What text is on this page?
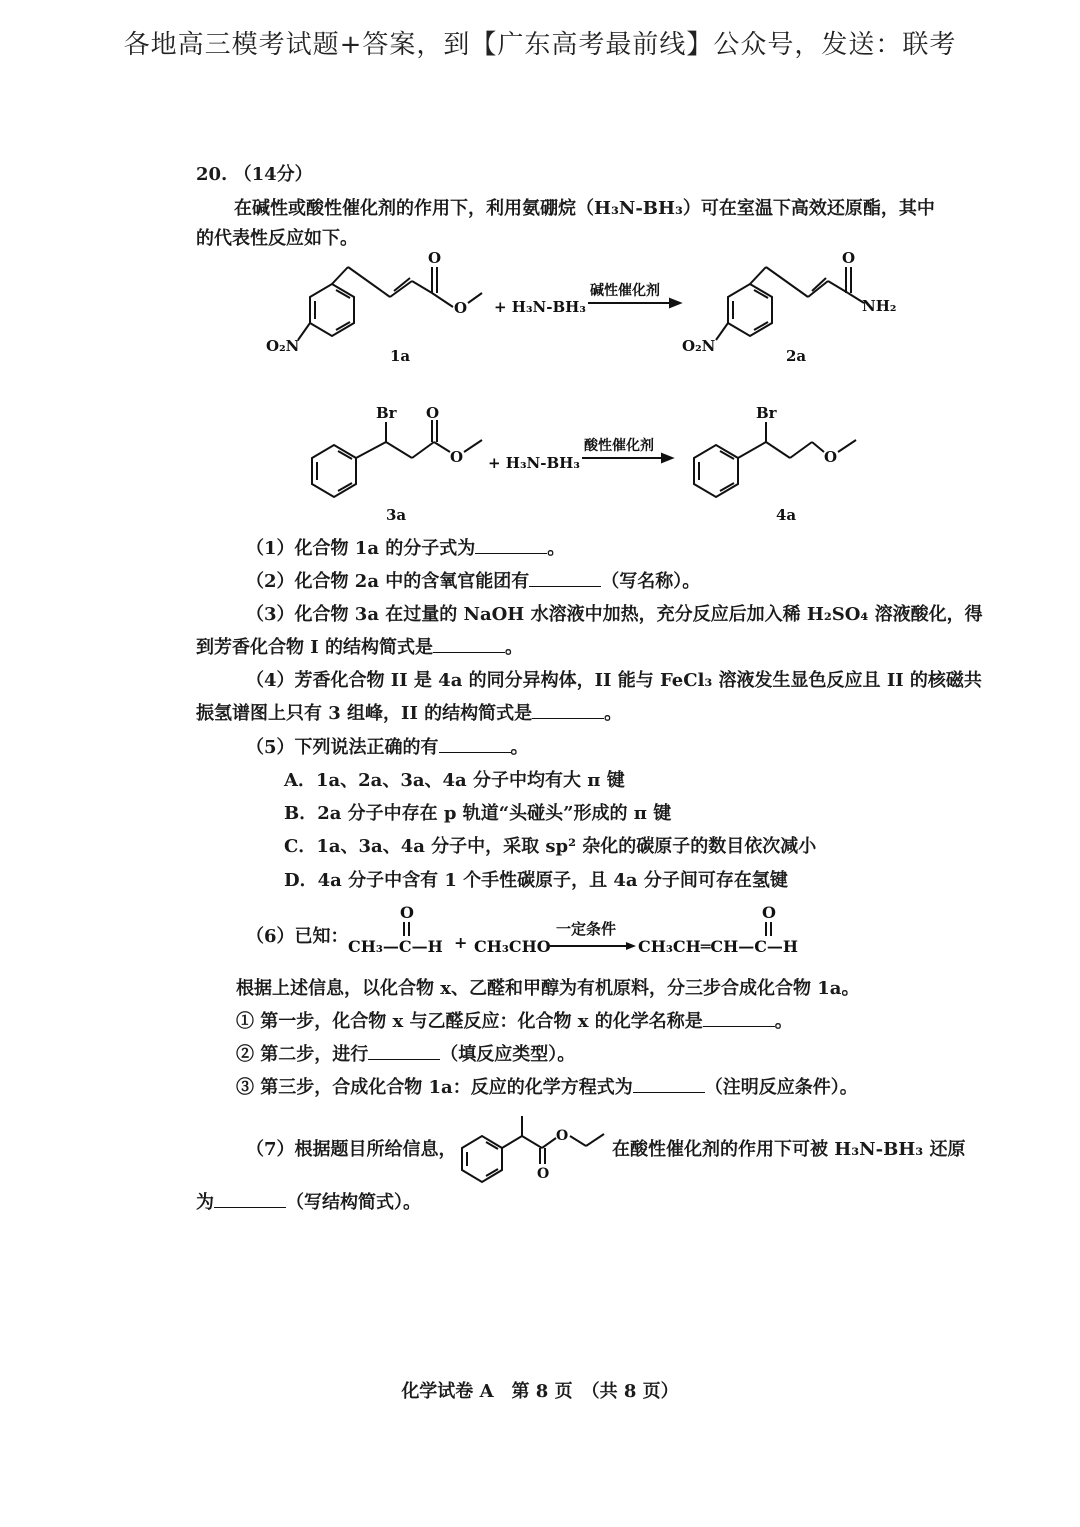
各地高三模考试题+答案，到【广东高考最前线】公众号，发送：联考
20. （14分）
在碱性或酸性催化剂的作用下，利用氨硼烷（H₃N-BH₃）可在室温下高效还原酯，其中
的代表性反应如下。
O
O
O₂N
1a
+ H₃N-BH₃
碱性催化剂
O
NH₂
O₂N
2a
Br O
O
3a
+ H₃N-BH₃
酸性催化剂
Br
O
4a
（1）化合物 1a 的分子式为	。
（2）化合物 2a 中的含氧官能团有	（写名称）。
（3）化合物 3a 在过量的 NaOH 水溶液中加热，充分反应后加入稀 H₂SO₄ 溶液酸化，得
到芳香化合物 I 的结构简式是	。
（4）芳香化合物 II 是 4a 的同分异构体，II 能与 FeCl₃ 溶液发生显色反应且 II 的核磁共
振氢谱图上只有 3 组峰，II 的结构简式是	。
（5）下列说法正确的有	。
A．1a、2a、3a、4a 分子中均有大 π 键
B．2a 分子中存在 p 轨道“头碰头”形成的 π 键
C．1a、3a、4a 分子中，采取 sp² 杂化的碳原子的数目依次减小
D．4a 分子中含有 1 个手性碳原子，且 4a 分子间可存在氢键
（6）已知：
O
CH₃—C—H + CH₃CHO
一定条件
O
CH₃CH═CH—C—H
根据上述信息，以化合物 x、乙醛和甲醇为有机原料，分三步合成化合物 1a。
① 第一步，化合物 x 与乙醛反应：化合物 x 的化学名称是	。
② 第二步，进行	（填反应类型）。
③ 第三步，合成化合物 1a：反应的化学方程式为	（注明反应条件）。
（7）根据题目所给信息，
O
O
在酸性催化剂的作用下可被 H₃N-BH₃ 还原
为	（写结构简式）。
化学试卷 A　第 8 页　（共 8 页）
